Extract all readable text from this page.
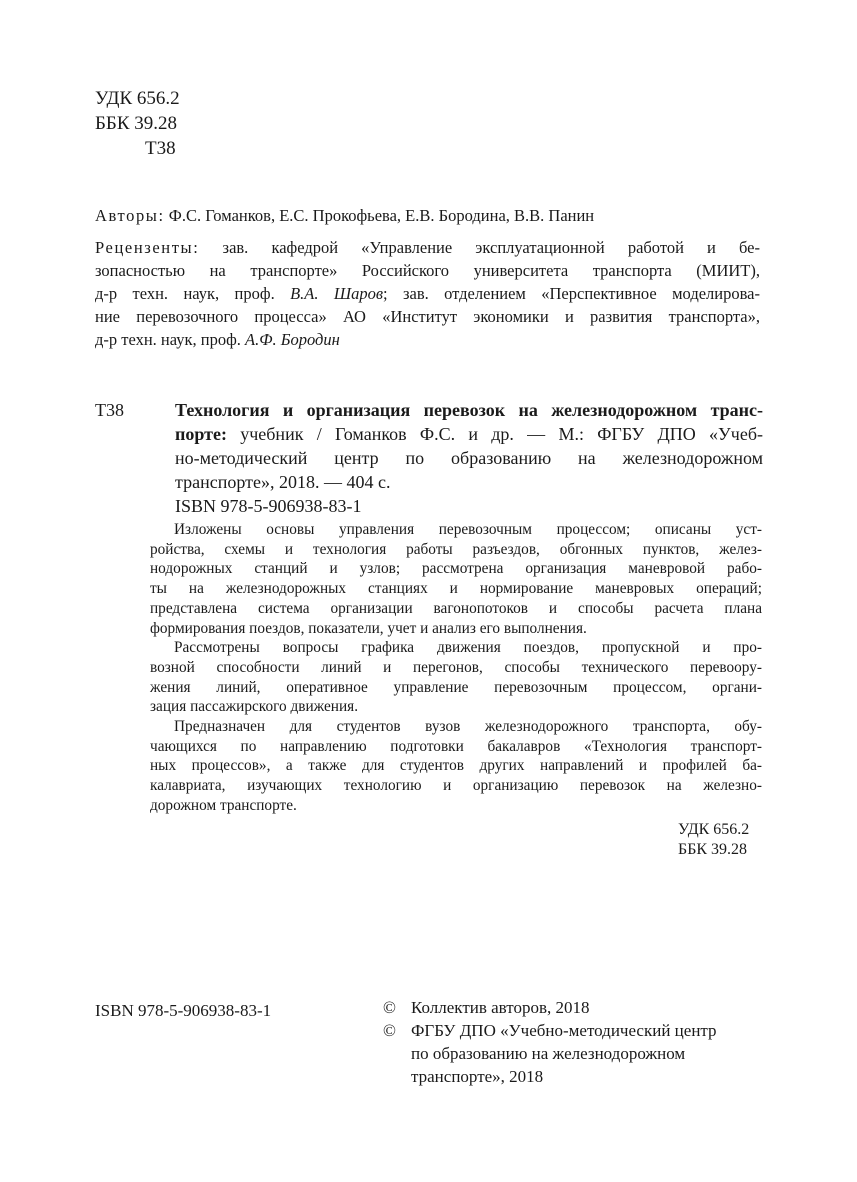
УДК 656.2
ББК 39.28
Т38
Авторы: Ф.С. Гоманков, Е.С. Прокофьева, Е.В. Бородина, В.В. Панин
Рецензенты: зав. кафедрой «Управление эксплуатационной работой и бе-
зопасностью на транспорте» Российского университета транспорта (МИИТ),
д-р техн. наук, проф. В.А. Шаров; зав. отделением «Перспективное моделирова-
ние перевозочного процесса» АО «Институт экономики и развития транспорта»,
д-р техн. наук, проф. А.Ф. Бородин
Т38	Технология и организация перевозок на железнодорожном транс-
порте: учебник / Гоманков Ф.С. и др. — М.: ФГБУ ДПО «Учеб-
но-методический центр по образованию на железнодорожном
транспорте», 2018. — 404 с.
ISBN 978-5-906938-83-1
Изложены основы управления перевозочным процессом; описаны уст-
ройства, схемы и технология работы разъездов, обгонных пунктов, желез-
нодорожных станций и узлов; рассмотрена организация маневровой рабо-
ты на железнодорожных станциях и нормирование маневровых операций;
представлена система организации вагонопотоков и способы расчета плана
формирования поездов, показатели, учет и анализ его выполнения.
Рассмотрены вопросы графика движения поездов, пропускной и про-
возной способности линий и перегонов, способы технического перевоору-
жения линий, оперативное управление перевозочным процессом, органи-
зация пассажирского движения.
Предназначен для студентов вузов железнодорожного транспорта, обу-
чающихся по направлению подготовки бакалавров «Технология транспорт-
ных процессов», а также для студентов других направлений и профилей ба-
калавриата, изучающих технологию и организацию перевозок на железно-
дорожном транспорте.
УДК 656.2
ББК 39.28
ISBN 978-5-906938-83-1	© Коллектив авторов, 2018
© ФГБУ ДПО «Учебно-методический центр
по образованию на железнодорожном
транспорте», 2018
